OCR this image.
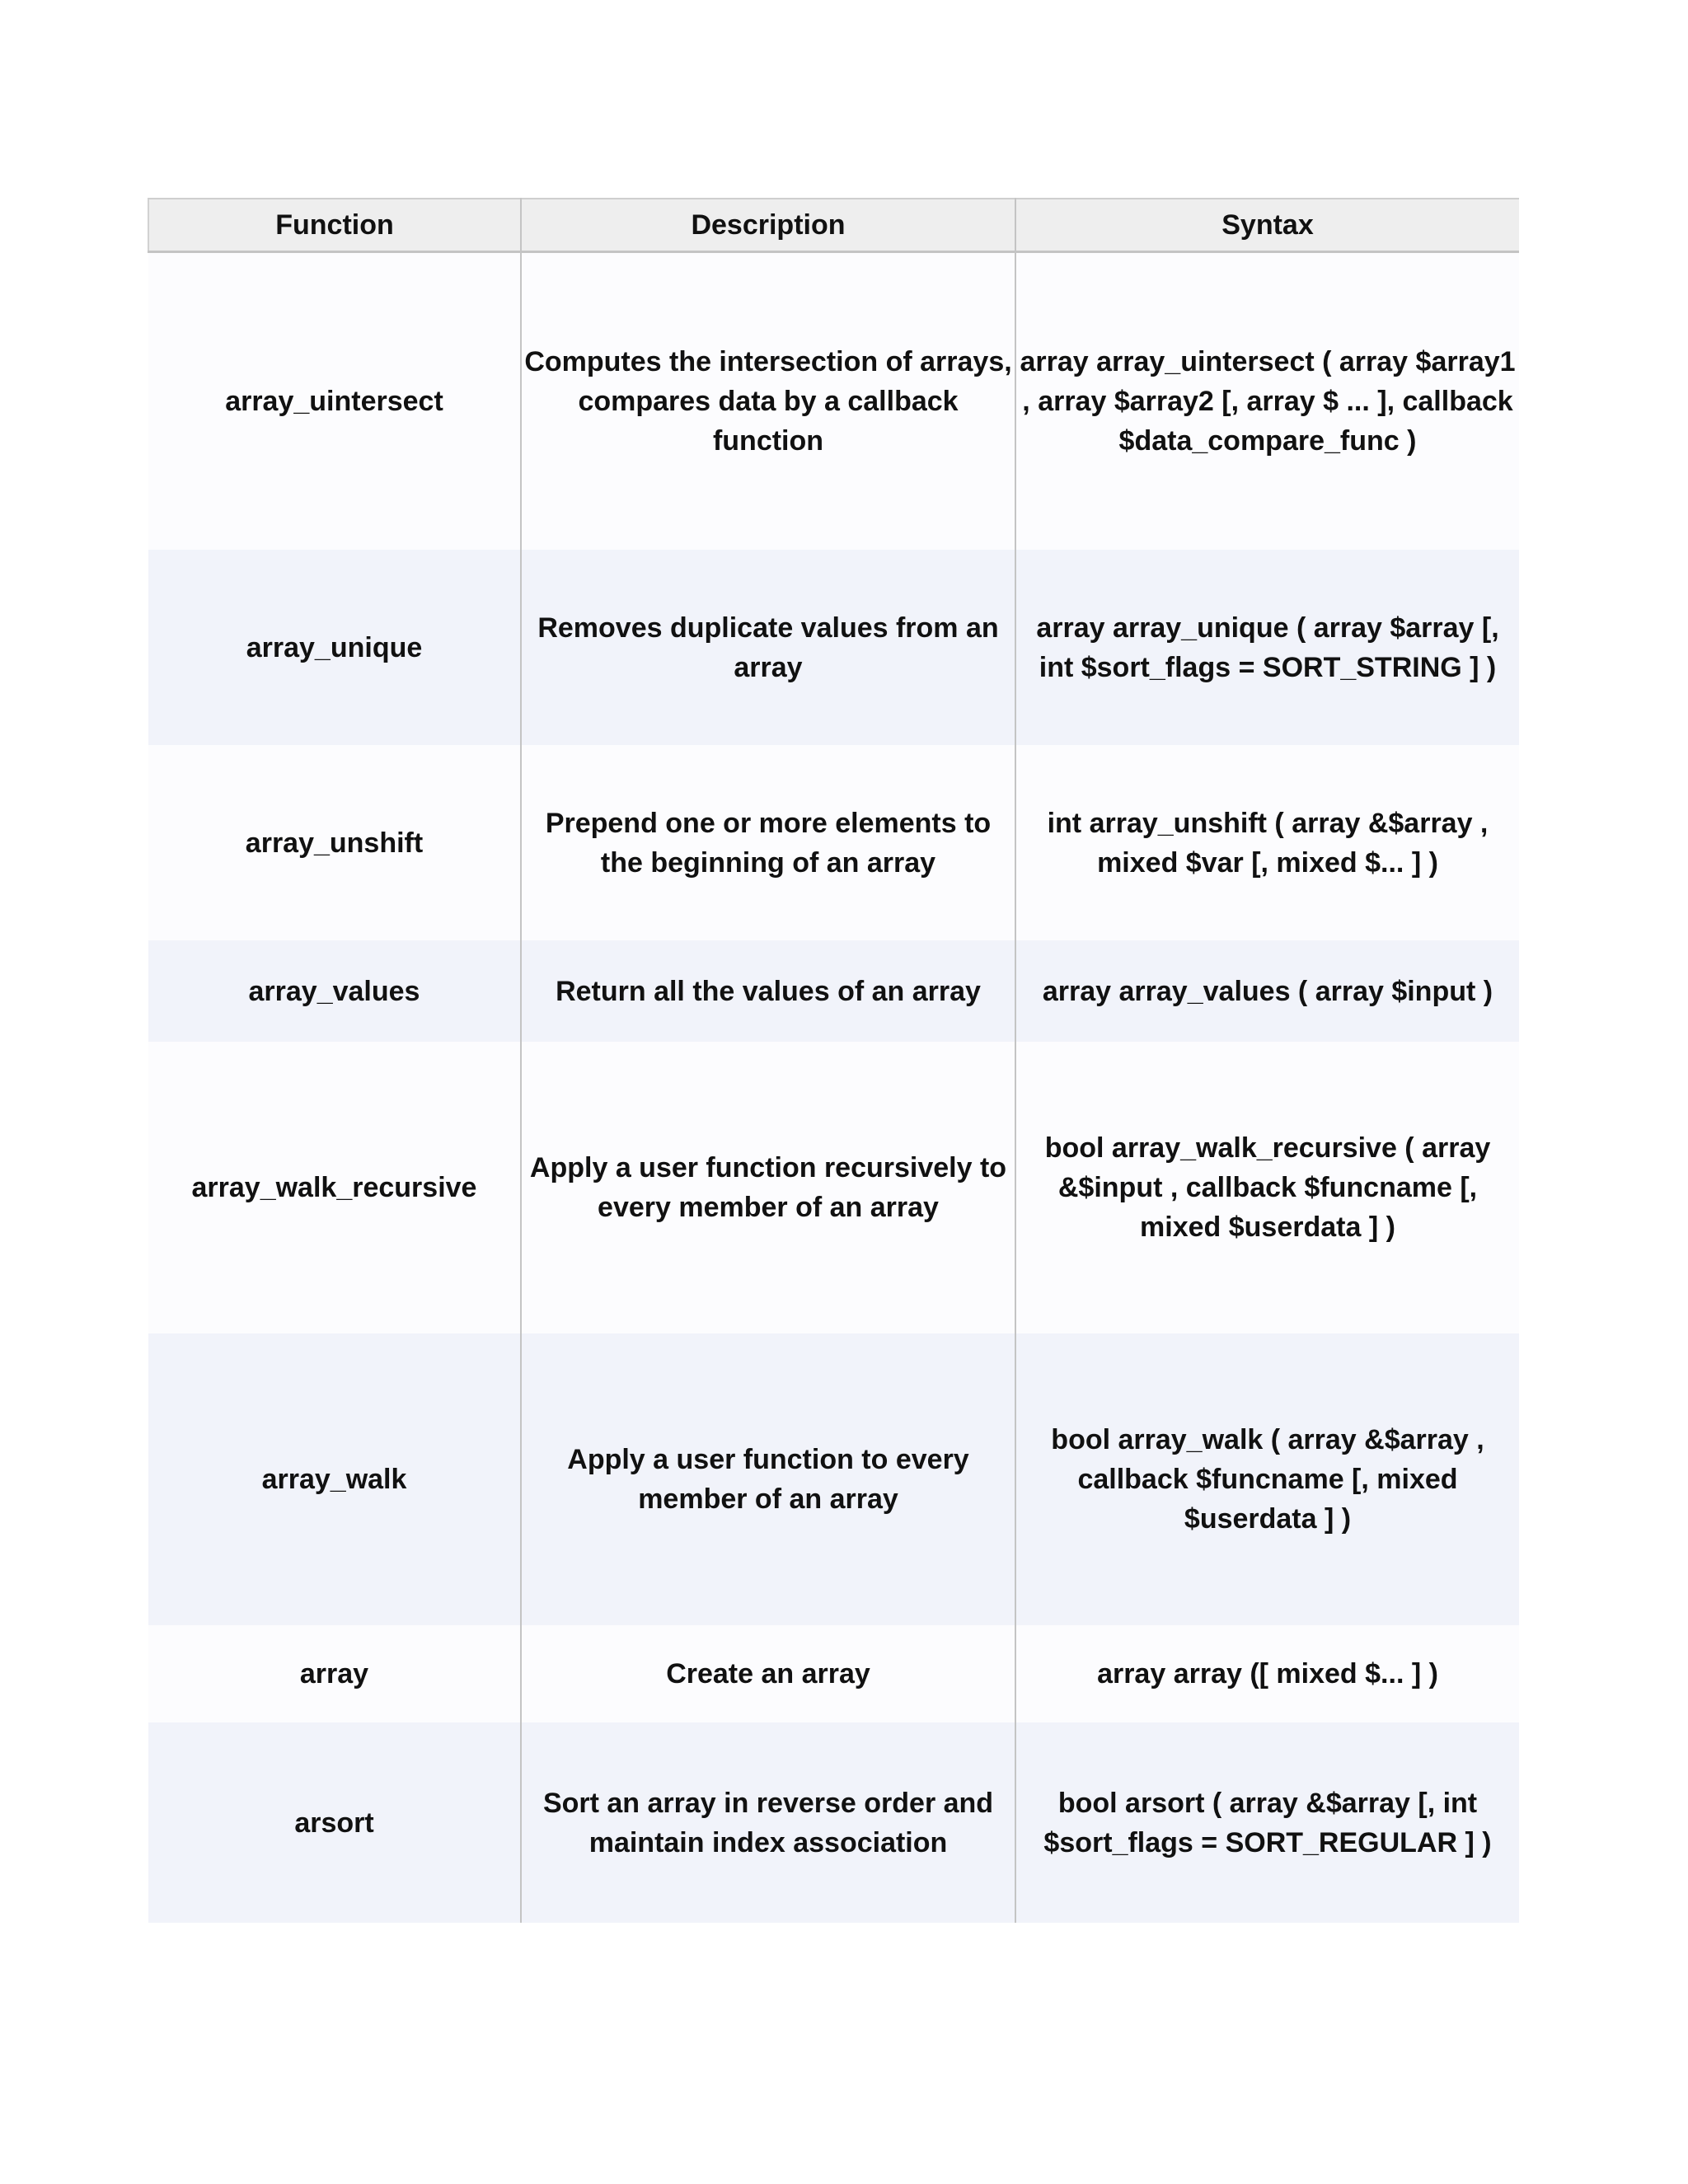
Function	Description	Syntax
array_uintersect	Computes the intersection of arrays, compares data by a callback function	array array_uintersect ( array $array1 , array $array2 [, array $ ... ], callback $data_compare_func )
array_unique	Removes duplicate values from an array	array array_unique ( array $array [, int $sort_flags = SORT_STRING ] )
array_unshift	Prepend one or more elements to the beginning of an array	int array_unshift ( array &$array , mixed $var [, mixed $... ] )
array_values	Return all the values of an array	array array_values ( array $input )
array_walk_recursive	Apply a user function recursively to every member of an array	bool array_walk_recursive ( array &$input , callback $funcname [, mixed $userdata ] )
array_walk	Apply a user function to every member of an array	bool array_walk ( array &$array , callback $funcname [, mixed $userdata ] )
array	Create an array	array array ([ mixed $... ] )
arsort	Sort an array in reverse order and maintain index association	bool arsort ( array &$array [, int $sort_flags = SORT_REGULAR ] )
